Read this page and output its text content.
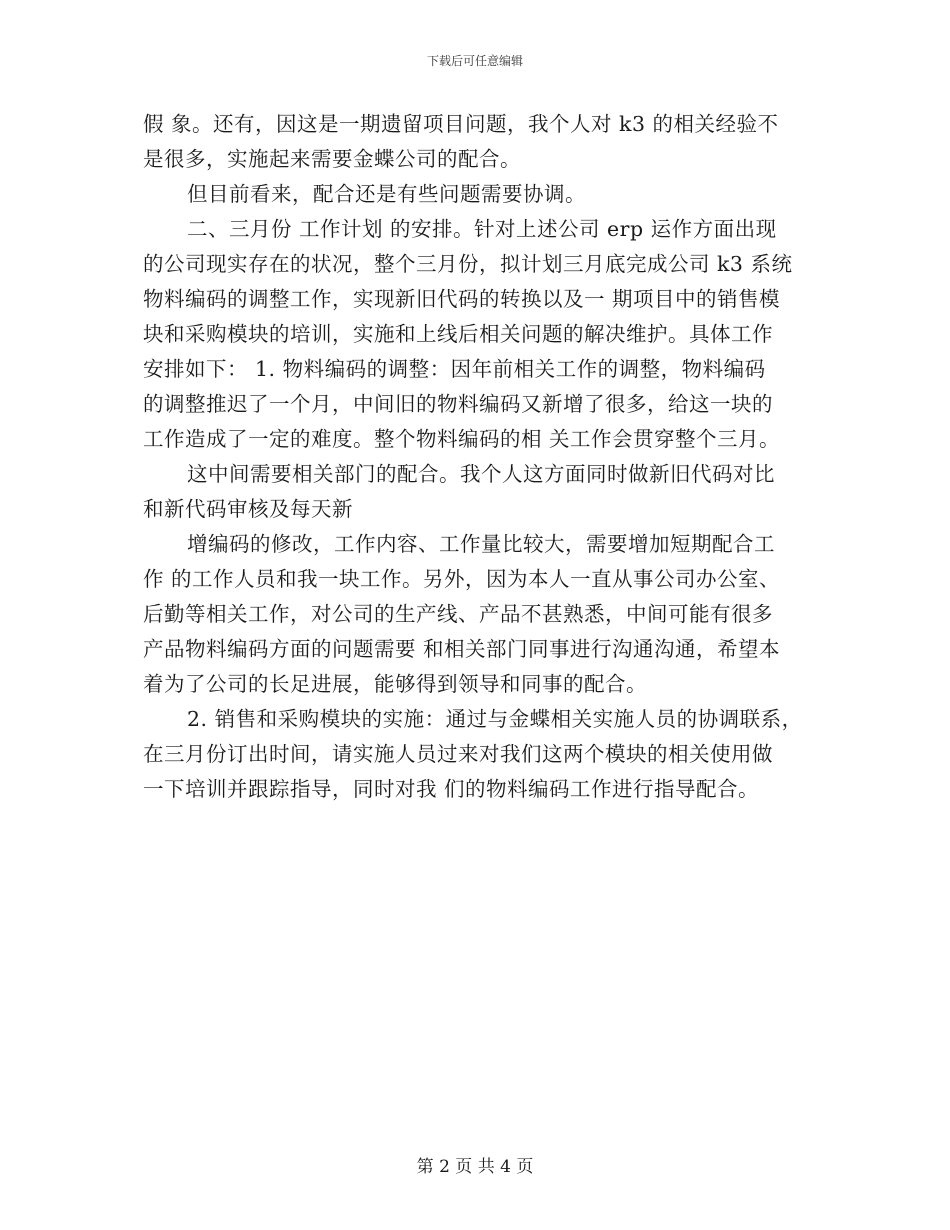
下载后可任意编辑
假 象。还有，因这是一期遗留项目问题，我个人对 k3 的相关经验不
是很多，实施起来需要金蝶公司的配合。
但目前看来，配合还是有些问题需要协调。
二、三月份 工作计划 的安排。针对上述公司 erp 运作方面出现
的公司现实存在的状况，整个三月份，拟计划三月底完成公司 k3 系统
物料编码的调整工作，实现新旧代码的转换以及一 期项目中的销售模
块和采购模块的培训，实施和上线后相关问题的解决维护。具体工作
安排如下： 1. 物料编码的调整：因年前相关工作的调整，物料编码
的调整推迟了一个月，中间旧的物料编码又新增了很多，给这一块的
工作造成了一定的难度。整个物料编码的相 关工作会贯穿整个三月。
这中间需要相关部门的配合。我个人这方面同时做新旧代码对比
和新代码审核及每天新
增编码的修改，工作内容、工作量比较大，需要增加短期配合工
作 的工作人员和我一块工作。另外，因为本人一直从事公司办公室、
后勤等相关工作，对公司的生产线、产品不甚熟悉，中间可能有很多
产品物料编码方面的问题需要 和相关部门同事进行沟通沟通，希望本
着为了公司的长足进展，能够得到领导和同事的配合。
2. 销售和采购模块的实施：通过与金蝶相关实施人员的协调联系，
在三月份订出时间，请实施人员过来对我们这两个模块的相关使用做
一下培训并跟踪指导，同时对我 们的物料编码工作进行指导配合。
第 2 页 共 4 页
